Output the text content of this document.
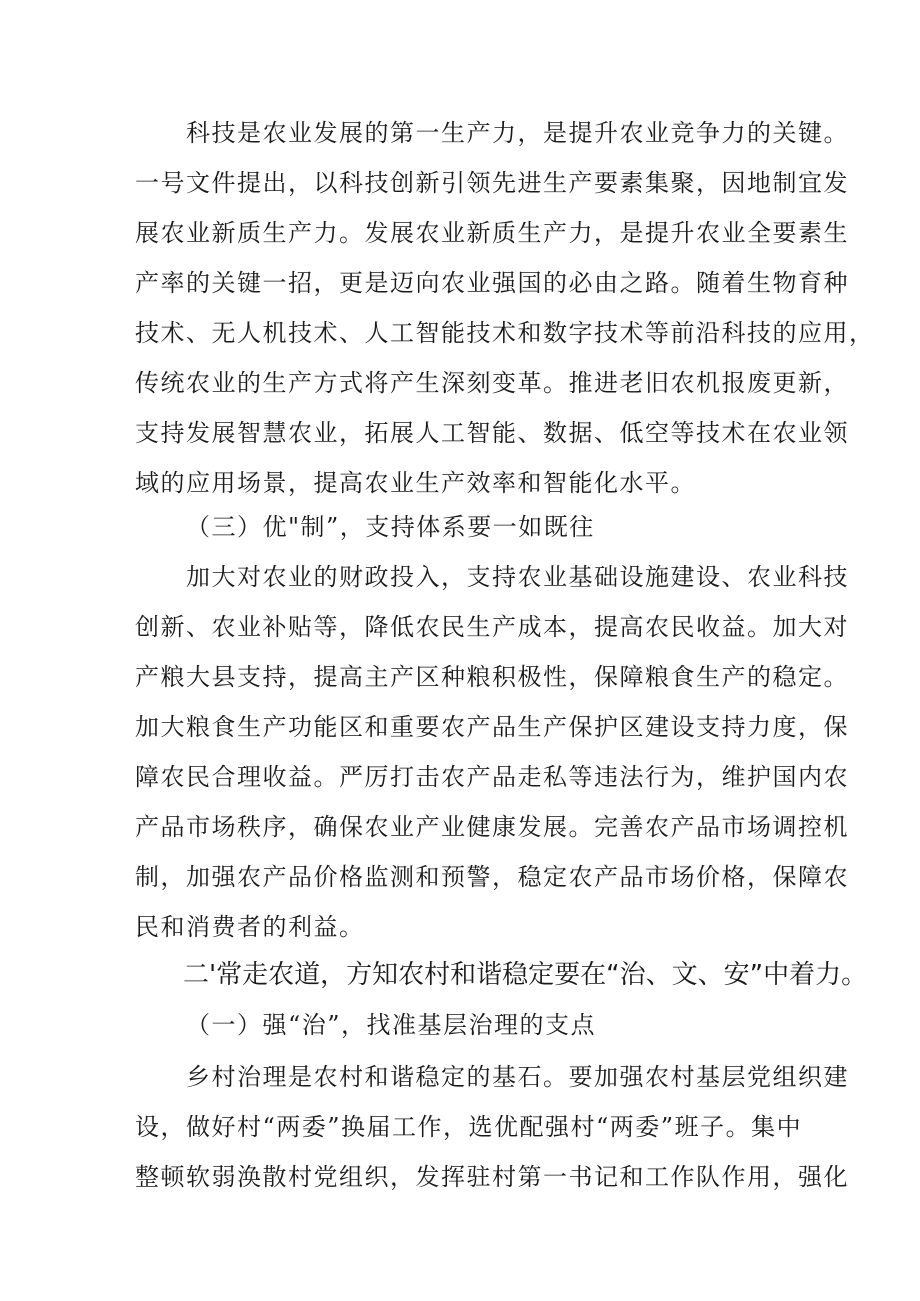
科技是农业发展的第一生产力，是提升农业竞争力的关键。
一号文件提出，以科技创新引领先进生产要素集聚，因地制宜发
展农业新质生产力。发展农业新质生产力，是提升农业全要素生
产率的关键一招，更是迈向农业强国的必由之路。随着生物育种
技术、无人机技术、人工智能技术和数字技术等前沿科技的应用，
传统农业的生产方式将产生深刻变革。推进老旧农机报废更新，
支持发展智慧农业，拓展人工智能、数据、低空等技术在农业领
域的应用场景，提高农业生产效率和智能化水平。
（三）优"制”，支持体系要一如既往
加大对农业的财政投入，支持农业基础设施建设、农业科技
创新、农业补贴等，降低农民生产成本，提高农民收益。加大对
产粮大县支持，提高主产区种粮积极性，保障粮食生产的稳定。
加大粮食生产功能区和重要农产品生产保护区建设支持力度，保
障农民合理收益。严厉打击农产品走私等违法行为，维护国内农
产品市场秩序，确保农业产业健康发展。完善农产品市场调控机
制，加强农产品价格监测和预警，稳定农产品市场价格，保障农
民和消费者的利益。
二'常走农道，方知农村和谐稳定要在“治、文、安”中着力。
（一）强“治”，找准基层治理的支点
乡村治理是农村和谐稳定的基石。要加强农村基层党组织建
设，做好村“两委”换届工作，选优配强村“两委”班子。集中
整顿软弱涣散村党组织，发挥驻村第一书记和工作队作用，强化
